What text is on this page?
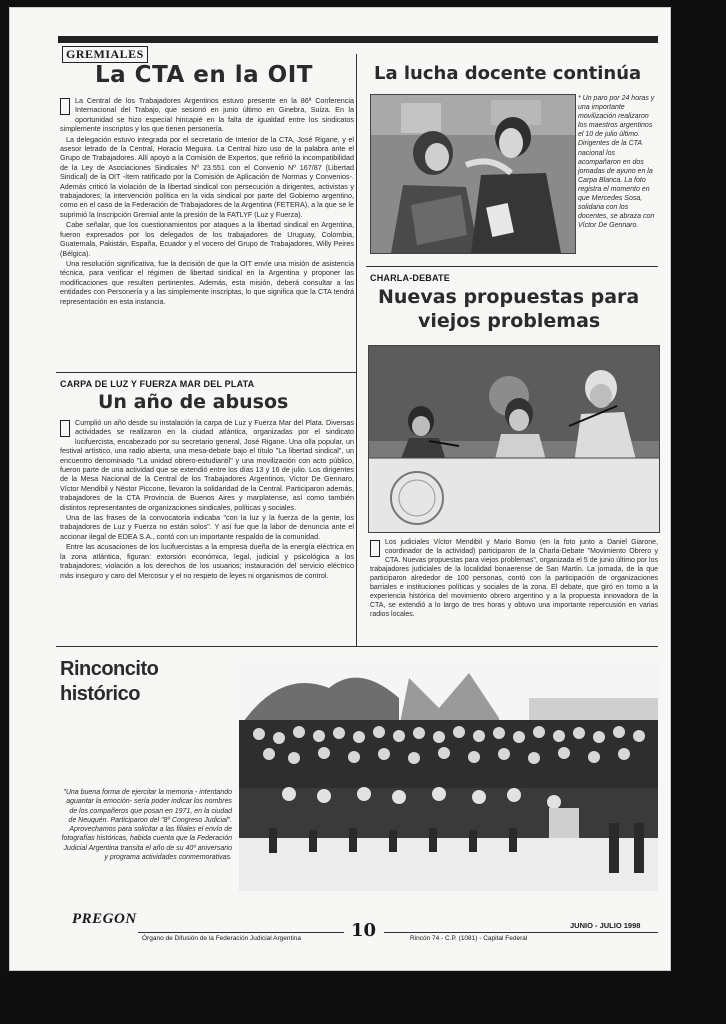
GREMIALES
La CTA en la OIT

La Central de los Trabajadores Argentinos estuvo presente en la 86ª Conferencia Internacional del Trabajo, que sesionó en junio último en Ginebra, Suiza. En la oportunidad se hizo especial hincapié en la falta de igualdad entre los sindicatos simplemente inscriptos y los que tienen personería.

La delegación estuvo integrada por el secretario de Interior de la CTA, José Rigane, y el asesor letrado de la Central, Horacio Meguira. La Central hizo uso de la palabra ante el Grupo de Trabajadores. Allí apoyó a la Comisión de Expertos, que refirió la incompatibilidad de la Ley de Asociaciones Sindicales Nº 23.551 con el Convenio Nº 167/87 (Libertad Sindical) de la OIT -ítem ratificado por la Comisión de Aplicación de Normas y Convenios-. Además criticó la violación de la libertad sindical con persecución a dirigentes, activistas y trabajadores; la intervención política en la vida sindical por parte del Gobierno argentino, como en el caso de la Federación de Trabajadores de la Argentina (FETERA), a la que se le suprimió la Inscripción Gremial ante la presión de la FATLYF (Luz y Fuerza).

Cabe señalar, que los cuestionamientos por ataques a la libertad sindical en Argentina, fueron expresados por los delegados de los trabajadores de Uruguay, Colombia, Guatemala, Pakistán, España, Ecuador y el vocero del Grupo de Trabajadores, Willy Peires (Bélgica).

Una resolución significativa, fue la decisión de que la OIT envíe una misión de asistencia técnica, para verificar el régimen de libertad sindical en la Argentina y proponer las modificaciones que resulten pertinentes. Además, esta misión, deberá consultar a las entidades con Personería y a las simplemente inscriptas, lo que significa que la CTA tendrá representación en esta instancia.

CARPA DE LUZ Y FUERZA MAR DEL PLATA
Un año de abusos

Cumplió un año desde su instalación la carpa de Luz y Fuerza Mar del Plata. Diversas actividades se realizaron en la ciudad atlántica, organizadas por el sindicato lucifuercista, encabezado por su secretario general, José Rigane. Una olla popular, un festival artístico, una radio abierta, una mesa-debate bajo el título "La libertad sindical", un encuentro denominado "La unidad obrero-estudiantil" y una movilización con acto público, fueron parte de una actividad que se extendió entre los días 13 y 16 de julio. Los dirigentes de la Mesa Nacional de la Central de los Trabajadores Argentinos, Víctor De Gennaro, Víctor Mendibil y Néstor Piccone, llevaron la solidaridad de la Central. Participaron además, trabajadores de la CTA Provincia de Buenos Aires y marplatense, así como también distintos representantes de organizaciones sindicales, políticas y sociales.

Una de las frases de la convocatoria indicaba "con la luz y la fuerza de la gente, los trabajadores de Luz y Fuerza no están solos". Y así fue que la labor de denuncia ante el accionar ilegal de EDEA S.A., contó con un importante respaldo de la comunidad.

Entre las acusaciones de los lucifuercistas a la empresa dueña de la energía eléctrica en la zona atlántica, figuran: extorsión económica, legal, judicial y psicológica a los trabajadores; violación a los derechos de los usuarios; instauración del servicio eléctrico más inseguro y caro del Mercosur y el no respeto de leyes ni organismos de control.

La lucha docente continúa
* Un paro por 24 horas y una importante movilización realizaron los maestros argentinos el 10 de julio último. Dirigentes de la CTA nacional los acompañaron en dos jornadas de ayuno en la Carpa Blanca. La foto registra el momento en que Mercedes Sosa, solidaria con los docentes, se abraza con Víctor De Gennaro.
CHARLA-DEBATE
Nuevas propuestas para
viejos problemas

Los judiciales Víctor Mendibil y Mario Bomio (en la foto junto a Daniel Giarone, coordinador de la actividad) participaron de la Charla-Debate "Movimiento Obrero y CTA. Nuevas propuestas para viejos problemas", organizada el 5 de junio último por los trabajadores judiciales de la localidad bonaerense de San Martín. La jornada, de la que participaron alrededor de 100 personas, contó con la participación de organizaciones barriales e instituciones políticas y sociales de la zona. El debate, que giró en torno a la experiencia histórica del movimiento obrero argentino y a la propuesta innovadora de la CTA, se extendió a lo largo de tres horas y obtuvo una importante repercusión en varias radios locales.

Rinconcito
histórico
"Una buena forma de ejercitar la memoria - intentando aguantar la emoción- sería poder indicar los nombres de los compañeros que posan en 1971, en la ciudad de Neuquén. Participaron del "8º Congreso Judicial". Aprovechamos para solicitar a las filiales el envío de fotografías históricas, habida cuenta que la Federación Judicial Argentina transita el año de su 40º aniversario y programa actividades conmemorativas.
PREGON
Órgano de Difusión de la Federación Judicial Argentina	10	Rincón 74 - C.P. (1081) - Capital Federal
JUNIO - JULIO 1998
